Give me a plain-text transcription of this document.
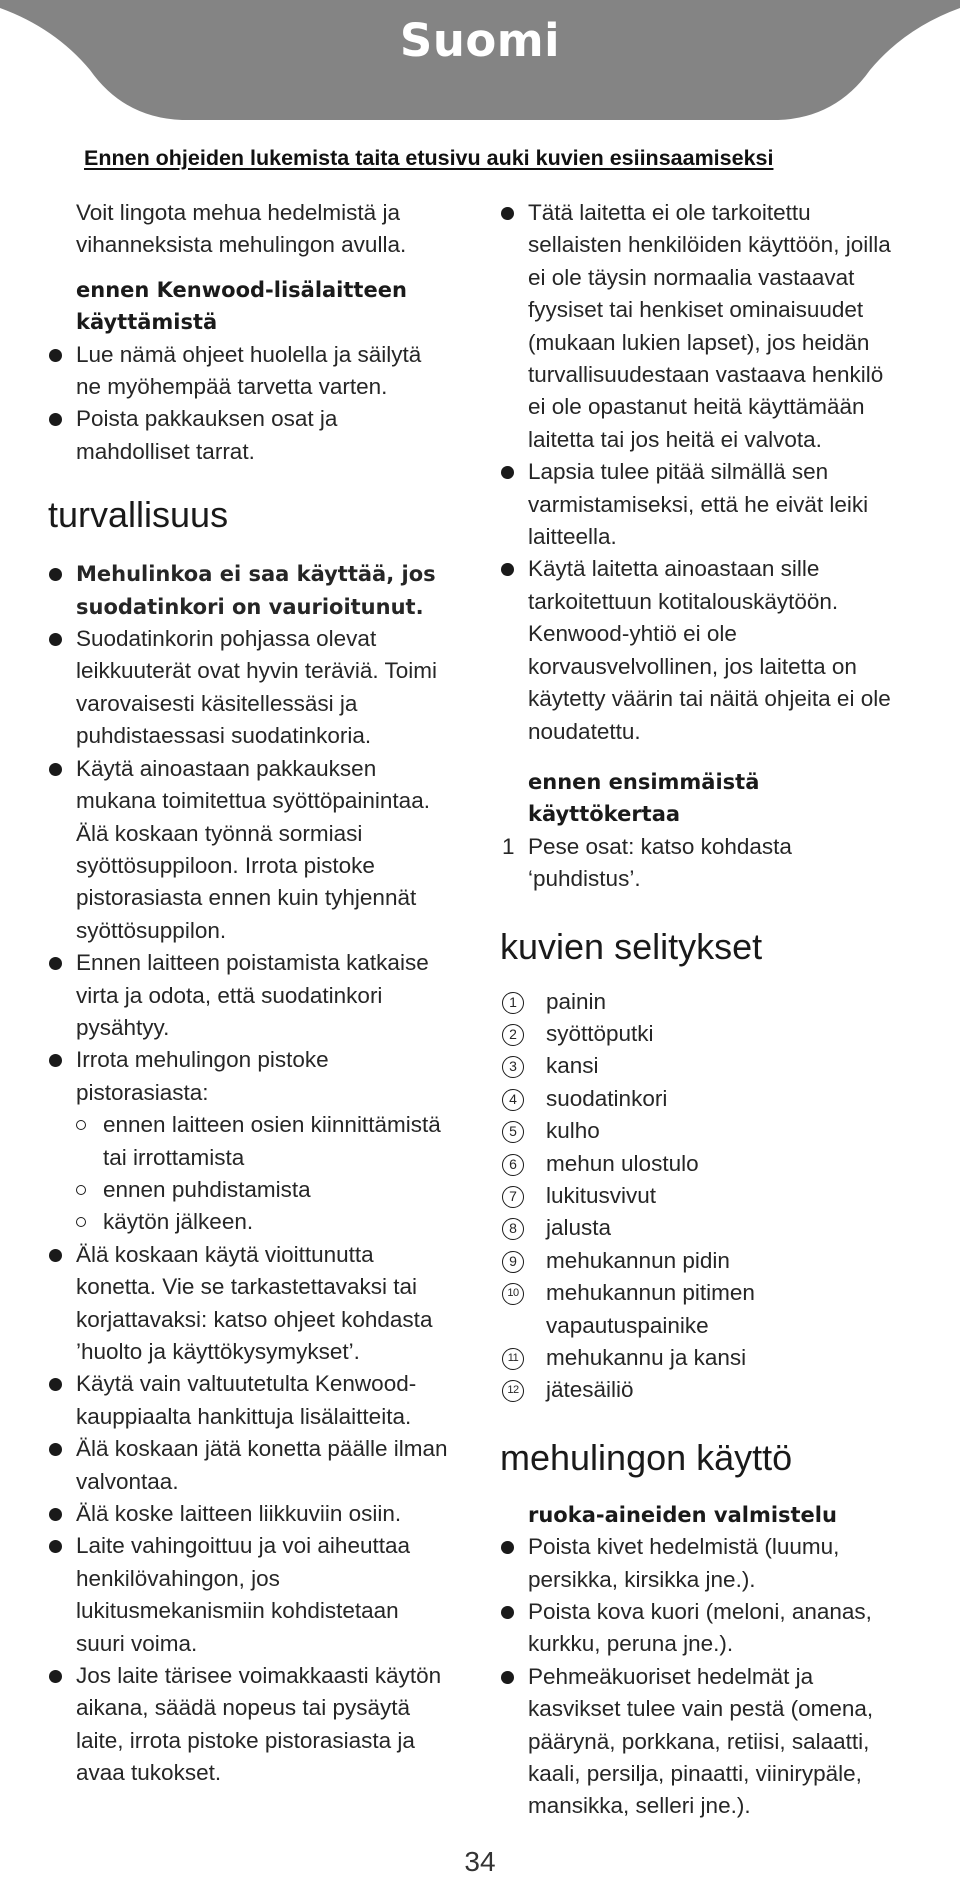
Suomi
Ennen ohjeiden lukemista taita etusivu auki kuvien esiinsaamiseksi
Voit lingota mehua hedelmistä ja
vihanneksista mehulingon avulla.
ennen Kenwood-lisälaitteen
käyttämistä
Lue nämä ohjeet huolella ja säilytä
ne myöhempää tarvetta varten.
Poista pakkauksen osat ja
mahdolliset tarrat.
turvallisuus
Mehulinkoa ei saa käyttää, jos
suodatinkori on vaurioitunut.
Suodatinkorin pohjassa olevat
leikkuuterät ovat hyvin teräviä. Toimi
varovaisesti käsitellessäsi ja
puhdistaessasi suodatinkoria.
Käytä ainoastaan pakkauksen
mukana toimitettua syöttöpainintaa.
Älä koskaan työnnä sormiasi
syöttösuppiloon. Irrota pistoke
pistorasiasta ennen kuin tyhjennät
syöttösuppilon.
Ennen laitteen poistamista katkaise
virta ja odota, että suodatinkori
pysähtyy.
Irrota mehulingon pistoke
pistorasiasta:
ennen laitteen osien kiinnittämistä
tai irrottamista
ennen puhdistamista
käytön jälkeen.
Älä koskaan käytä vioittunutta
konetta. Vie se tarkastettavaksi tai
korjattavaksi: katso ohjeet kohdasta
’huolto ja käyttökysymykset’.
Käytä vain valtuutetulta Kenwood-
kauppiaalta hankittuja lisälaitteita.
Älä koskaan jätä konetta päälle ilman
valvontaa.
Älä koske laitteen liikkuviin osiin.
Laite vahingoittuu ja voi aiheuttaa
henkilövahingon, jos
lukitusmekanismiin kohdistetaan
suuri voima.
Jos laite tärisee voimakkaasti käytön
aikana, säädä nopeus tai pysäytä
laite, irrota pistoke pistorasiasta ja
avaa tukokset.
Tätä laitetta ei ole tarkoitettu
sellaisten henkilöiden käyttöön, joilla
ei ole täysin normaalia vastaavat
fyysiset tai henkiset ominaisuudet
(mukaan lukien lapset), jos heidän
turvallisuudestaan vastaava henkilö
ei ole opastanut heitä käyttämään
laitetta tai jos heitä ei valvota.
Lapsia tulee pitää silmällä sen
varmistamiseksi, että he eivät leiki
laitteella.
Käytä laitetta ainoastaan sille
tarkoitettuun kotitalouskäytöön.
Kenwood-yhtiö ei ole
korvausvelvollinen, jos laitetta on
käytetty väärin tai näitä ohjeita ei ole
noudatettu.
ennen ensimmäistä
käyttökertaa
1 Pese osat: katso kohdasta
‘puhdistus’.
kuvien selitykset
1	painin
2	syöttöputki
3	kansi
4	suodatinkori
5	kulho
6	mehun ulostulo
7	lukitusvivut
8	jalusta
9	mehukannun pidin
10 mehukannun pitimen
vapautuspainike
11 mehukannu ja kansi
12 jätesäiliö
mehulingon käyttö
ruoka-aineiden valmistelu
Poista kivet hedelmistä (luumu,
persikka, kirsikka jne.).
Poista kova kuori (meloni, ananas,
kurkku, peruna jne.).
Pehmeäkuoriset hedelmät ja
kasvikset tulee vain pestä (omena,
päärynä, porkkana, retiisi, salaatti,
kaali, persilja, pinaatti, viinirypäle,
mansikka, selleri jne.).
34
